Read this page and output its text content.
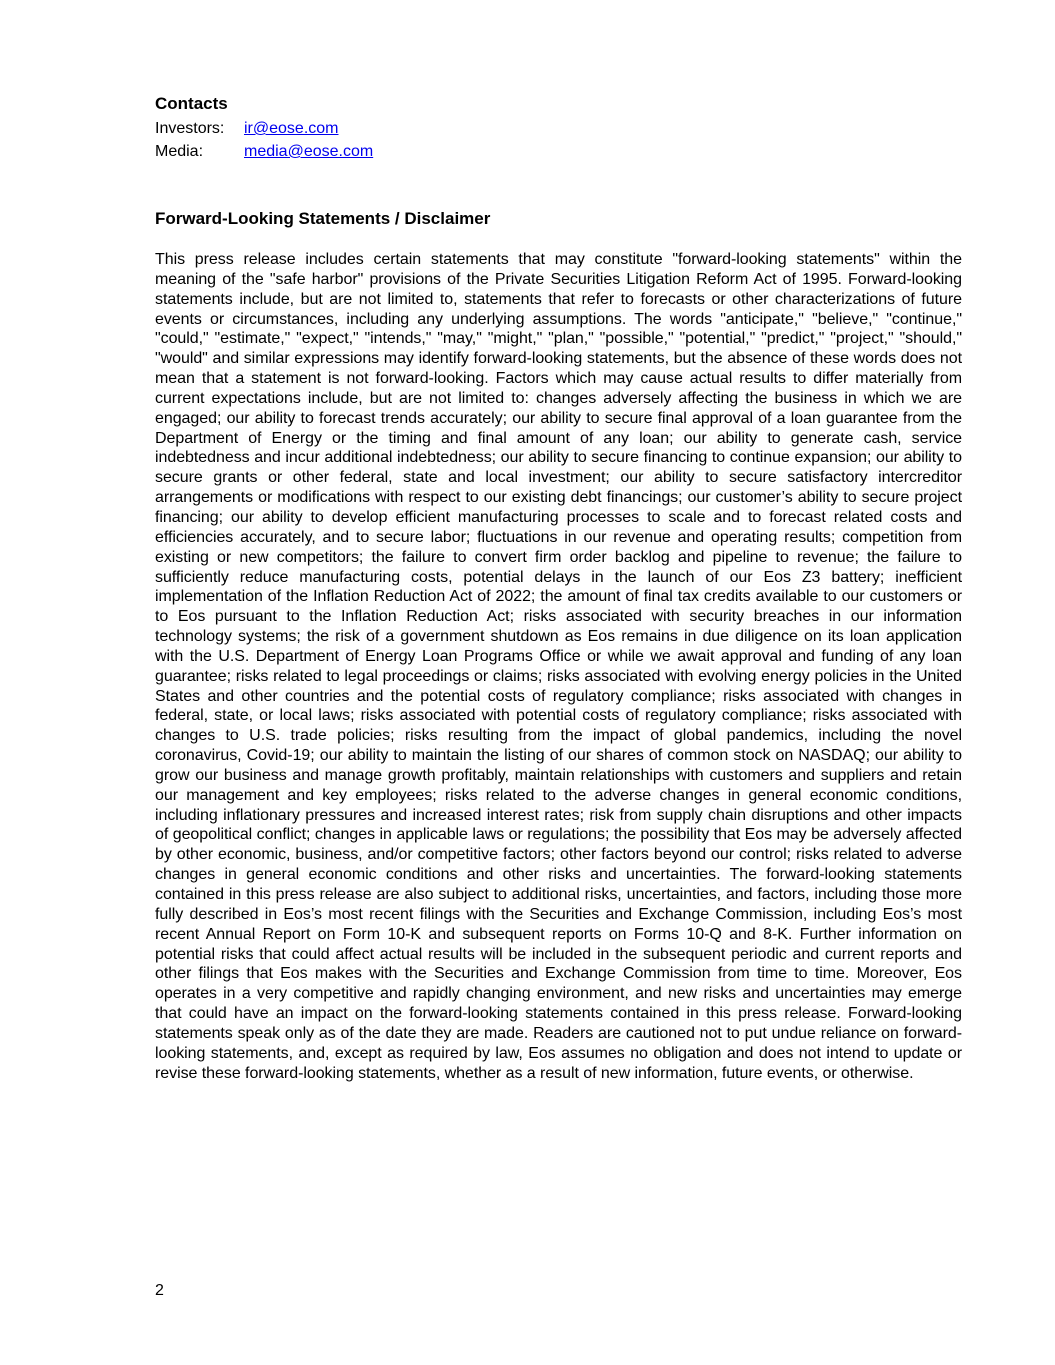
Contacts
Investors: ir@eose.com
Media:	media@eose.com
Forward-Looking Statements / Disclaimer

This press release includes certain statements that may constitute "forward-looking statements" within the meaning of the "safe harbor" provisions of the Private Securities Litigation Reform Act of 1995. Forward-looking statements include, but are not limited to, statements that refer to forecasts or other characterizations of future events or circumstances, including any underlying assumptions. The words "anticipate," "believe," "continue," "could," "estimate," "expect," "intends," "may," "might," "plan," "possible," "potential," "predict," "project," "should," "would" and similar expressions may identify forward-looking statements, but the absence of these words does not mean that a statement is not forward-looking. Factors which may cause actual results to differ materially from current expectations include, but are not limited to: changes adversely affecting the business in which we are engaged; our ability to forecast trends accurately; our ability to secure final approval of a loan guarantee from the Department of Energy or the timing and final amount of any loan; our ability to generate cash, service indebtedness and incur additional indebtedness; our ability to secure financing to continue expansion; our ability to secure grants or other federal, state and local investment; our ability to secure satisfactory intercreditor arrangements or modifications with respect to our existing debt financings; our customer’s ability to secure project financing; our ability to develop efficient manufacturing processes to scale and to forecast related costs and efficiencies accurately, and to secure labor; fluctuations in our revenue and operating results; competition from existing or new competitors; the failure to convert firm order backlog and pipeline to revenue; the failure to sufficiently reduce manufacturing costs, potential delays in the launch of our Eos Z3 battery; inefficient implementation of the Inflation Reduction Act of 2022; the amount of final tax credits available to our customers or to Eos pursuant to the Inflation Reduction Act; risks associated with security breaches in our information technology systems; the risk of a government shutdown as Eos remains in due diligence on its loan application with the U.S. Department of Energy Loan Programs Office or while we await approval and funding of any loan guarantee; risks related to legal proceedings or claims; risks associated with evolving energy policies in the United States and other countries and the potential costs of regulatory compliance; risks associated with changes in federal, state, or local laws; risks associated with potential costs of regulatory compliance; risks associated with changes to U.S. trade policies; risks resulting from the impact of global pandemics, including the novel coronavirus, Covid-19; our ability to maintain the listing of our shares of common stock on NASDAQ; our ability to grow our business and manage growth profitably, maintain relationships with customers and suppliers and retain our management and key employees; risks related to the adverse changes in general economic conditions, including inflationary pressures and increased interest rates; risk from supply chain disruptions and other impacts of geopolitical conflict; changes in applicable laws or regulations; the possibility that Eos may be adversely affected by other economic, business, and/or competitive factors; other factors beyond our control; risks related to adverse changes in general economic conditions and other risks and uncertainties. The forward-looking statements contained in this press release are also subject to additional risks, uncertainties, and factors, including those more fully described in Eos’s most recent filings with the Securities and Exchange Commission, including Eos’s most recent Annual Report on Form 10-K and subsequent reports on Forms 10-Q and 8-K. Further information on potential risks that could affect actual results will be included in the subsequent periodic and current reports and other filings that Eos makes with the Securities and Exchange Commission from time to time. Moreover, Eos operates in a very competitive and rapidly changing environment, and new risks and uncertainties may emerge that could have an impact on the forward-looking statements contained in this press release. Forward-looking statements speak only as of the date they are made. Readers are cautioned not to put undue reliance on forward-looking statements, and, except as required by law, Eos assumes no obligation and does not intend to update or revise these forward-looking statements, whether as a result of new information, future events, or otherwise.

2
